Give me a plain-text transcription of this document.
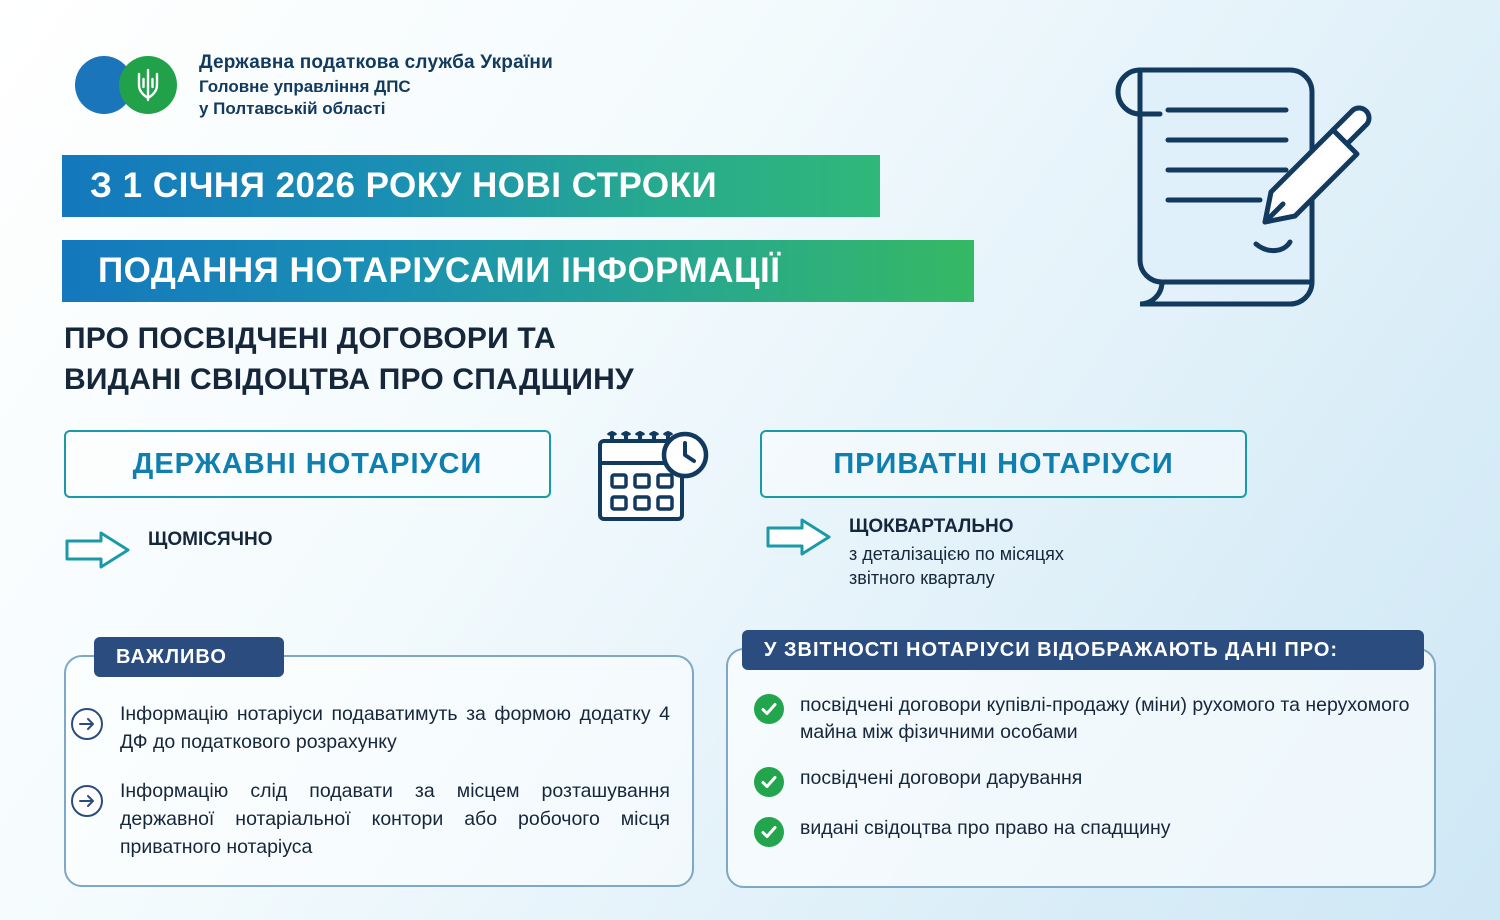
Державна податкова служба України
Головне управління ДПС
у Полтавській області
З 1 СІЧНЯ 2026 РОКУ НОВІ СТРОКИ
ПОДАННЯ НОТАРІУСАМИ ІНФОРМАЦІЇ
ПРО ПОСВІДЧЕНІ ДОГОВОРИ ТА
ВИДАНІ СВІДОЦТВА ПРО СПАДЩИНУ
ДЕРЖАВНІ НОТАРІУСИ	ПРИВАТНІ НОТАРІУСИ
ЩОМІСЯЧНО
ЩОКВАРТАЛЬНО
з деталізацією по місяцях
звітного кварталу
ВАЖЛИВО
Інформацію нотаріуси подаватимуть за формою додатку 4 ДФ до податкового розрахунку
Інформацію слід подавати за місцем розташування державної нотаріальної контори або робочого місця приватного нотаріуса
У ЗВІТНОСТІ НОТАРІУСИ ВІДОБРАЖАЮТЬ ДАНІ ПРО:
посвідчені договори купівлі-продажу (міни) рухомого та нерухомого майна між фізичними особами
посвідчені договори дарування
видані свідоцтва про право на спадщину
